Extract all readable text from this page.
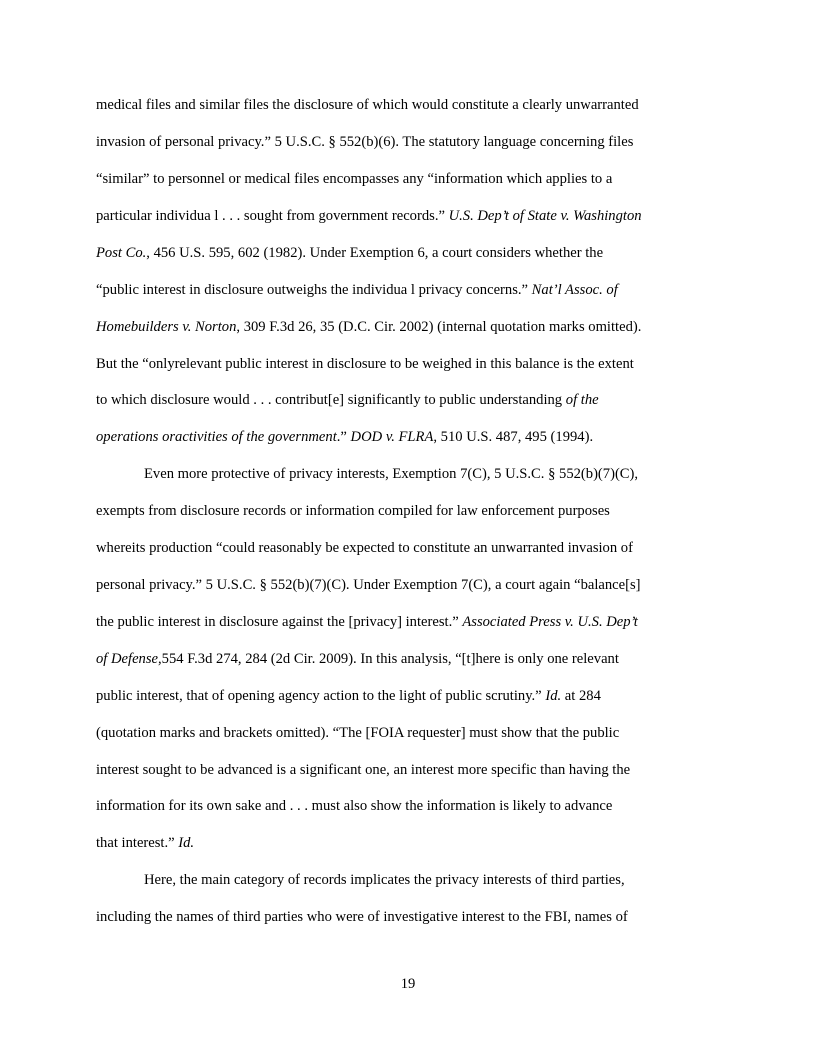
medical files and similar files the disclosure of which would constitute a clearly unwarranted
invasion of personal privacy.” 5 U.S.C. § 552(b)(6). The statutory language concerning files
“similar” to personnel or medical files encompasses any “information which applies to a
particular individua l . . . sought from government records.” U.S. Dep’t of State v. Washington
Post Co., 456 U.S. 595, 602 (1982). Under Exemption 6, a court considers whether the
“public interest in disclosure outweighs the individua l privacy concerns.” Nat’l Assoc. of
Homebuilders v. Norton, 309 F.3d 26, 35 (D.C. Cir. 2002) (internal quotation marks omitted).
But the “onlyrelevant public interest in disclosure to be weighed in this balance is the extent
to which disclosure would . . . contribut[e] significantly to public understanding of the
operations oractivities of the government.” DOD v. FLRA, 510 U.S. 487, 495 (1994).
Even more protective of privacy interests, Exemption 7(C), 5 U.S.C. § 552(b)(7)(C),
exempts from disclosure records or information compiled for law enforcement purposes
whereits production “could reasonably be expected to constitute an unwarranted invasion of
personal privacy.” 5 U.S.C. § 552(b)(7)(C). Under Exemption 7(C), a court again “balance[s]
the public interest in disclosure against the [privacy] interest.” Associated Press v. U.S. Dep’t
of Defense,554 F.3d 274, 284 (2d Cir. 2009). In this analysis, “[t]here is only one relevant
public interest, that of opening agency action to the light of public scrutiny.” Id. at 284
(quotation marks and brackets omitted). “The [FOIA requester] must show that the public
interest sought to be advanced is a significant one, an interest more specific than having the
information for its own sake and . . . must also show the information is likely to advance
that interest.” Id.
Here, the main category of records implicates the privacy interests of third parties,
including the names of third parties who were of investigative interest to the FBI, names of
19
